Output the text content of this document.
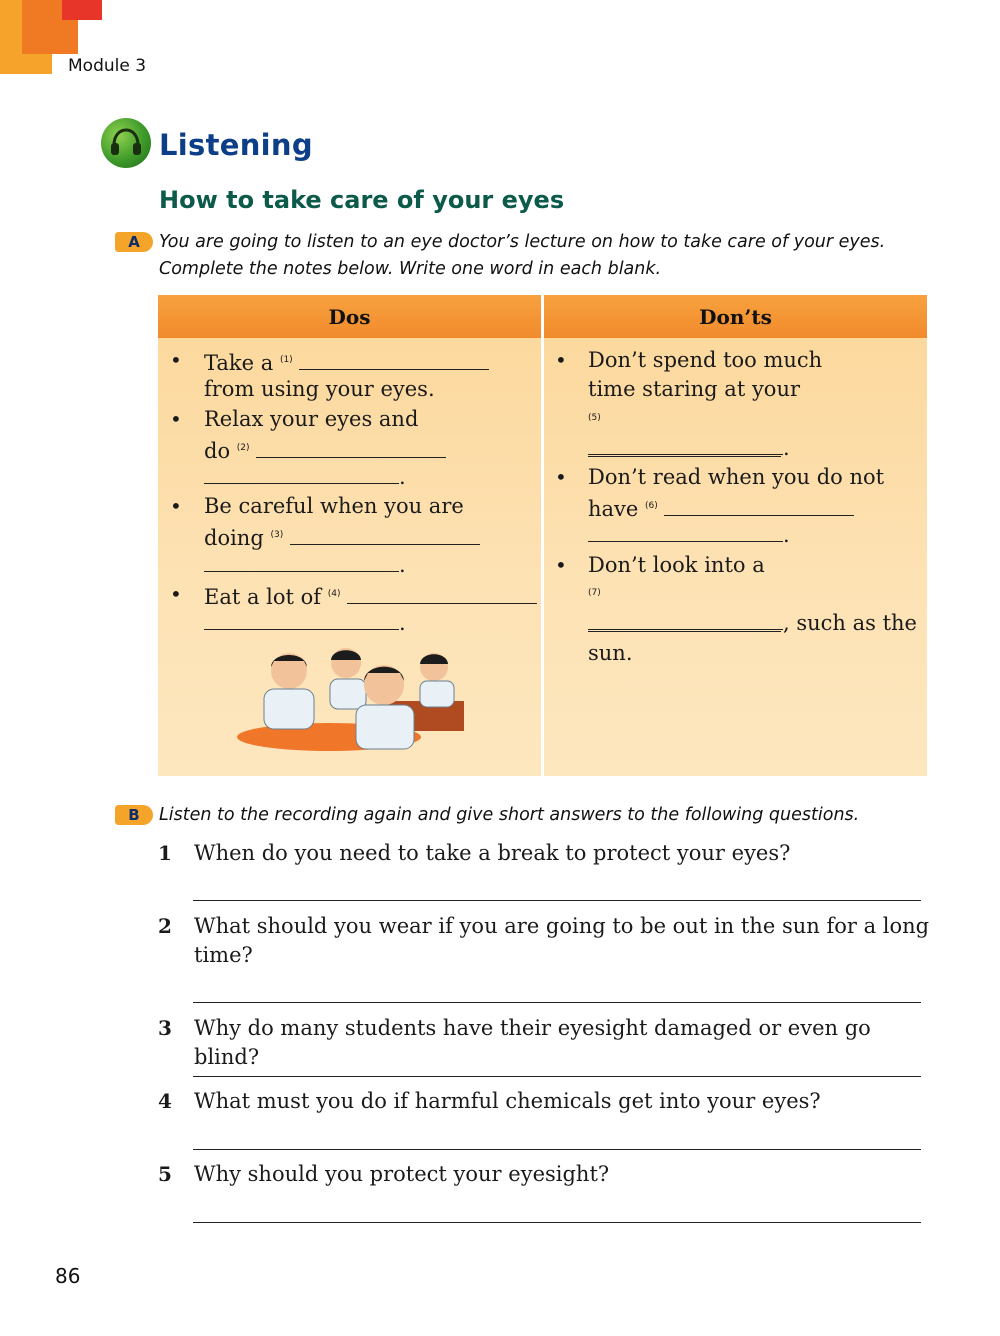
Module 3
Listening
How to take care of your eyes
A	You are going to listen to an eye doctor’s lecture on how to take care of your eyes.
Complete the notes below. Write one word in each blank.
Dos	Don’ts
• Take a $^{(1)}$
from using your eyes.
• Relax your eyes and
do $^{(2)}$
.
• Be careful when you are
doing $^{(3)}$
.
• Eat a lot of $^{(4)}$
.
• Don’t spend too much
time staring at your
$^{(5)}$

.
• Don’t read when you do not
have $^{(6)}$
.
• Don’t look into a
$^{(7)}$

, such as the
sun.
B	Listen to the recording again and give short answers to the following questions.
1 When do you need to take a break to protect your eyes?
2 What should you wear if you are going to be out in the sun for a long
time?
3 Why do many students have their eyesight damaged or even go blind?
4 What must you do if harmful chemicals get into your eyes?
5 Why should you protect your eyesight?
86
